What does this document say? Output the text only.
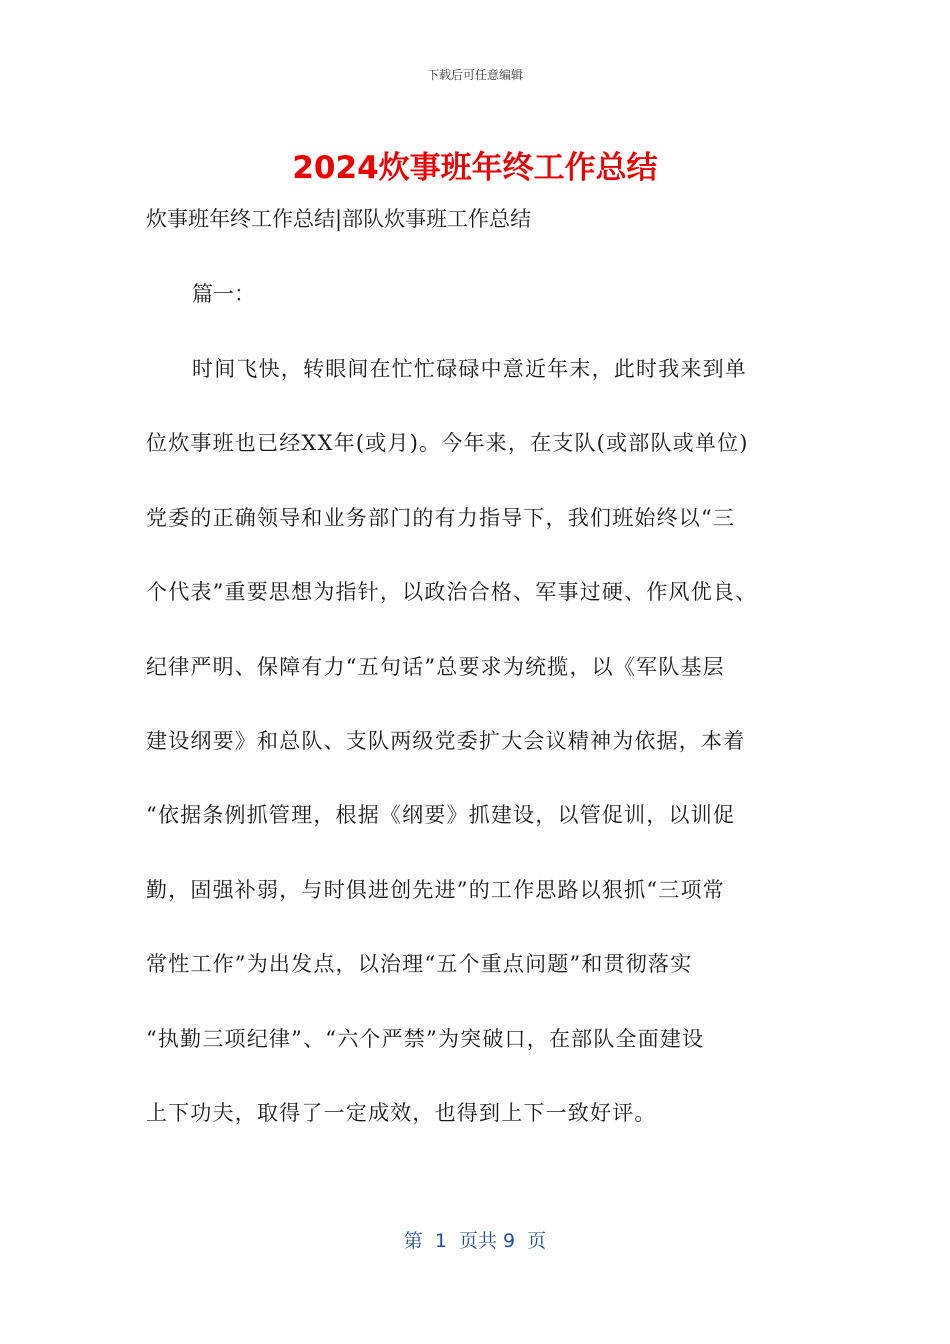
下载后可任意编辑
2024炊事班年终工作总结
炊事班年终工作总结|部队炊事班工作总结
篇一：
时间飞快，转眼间在忙忙碌碌中意近年末，此时我来到单
位炊事班也已经XX年(或月)。今年来，在支队(或部队或单位)
党委的正确领导和业务部门的有力指导下，我们班始终以“三
个代表”重要思想为指针，以政治合格、军事过硬、作风优良、
纪律严明、保障有力“五句话”总要求为统揽，以《军队基层
建设纲要》和总队、支队两级党委扩大会议精神为依据，本着
“依据条例抓管理，根据《纲要》抓建设，以管促训，以训促
勤，固强补弱，与时俱进创先进”的工作思路以狠抓“三项常
常性工作”为出发点，以治理“五个重点问题”和贯彻落实
“执勤三项纪律”、“六个严禁”为突破口，在部队全面建设
上下功夫，取得了一定成效，也得到上下一致好评。
第  1  页共 9  页
